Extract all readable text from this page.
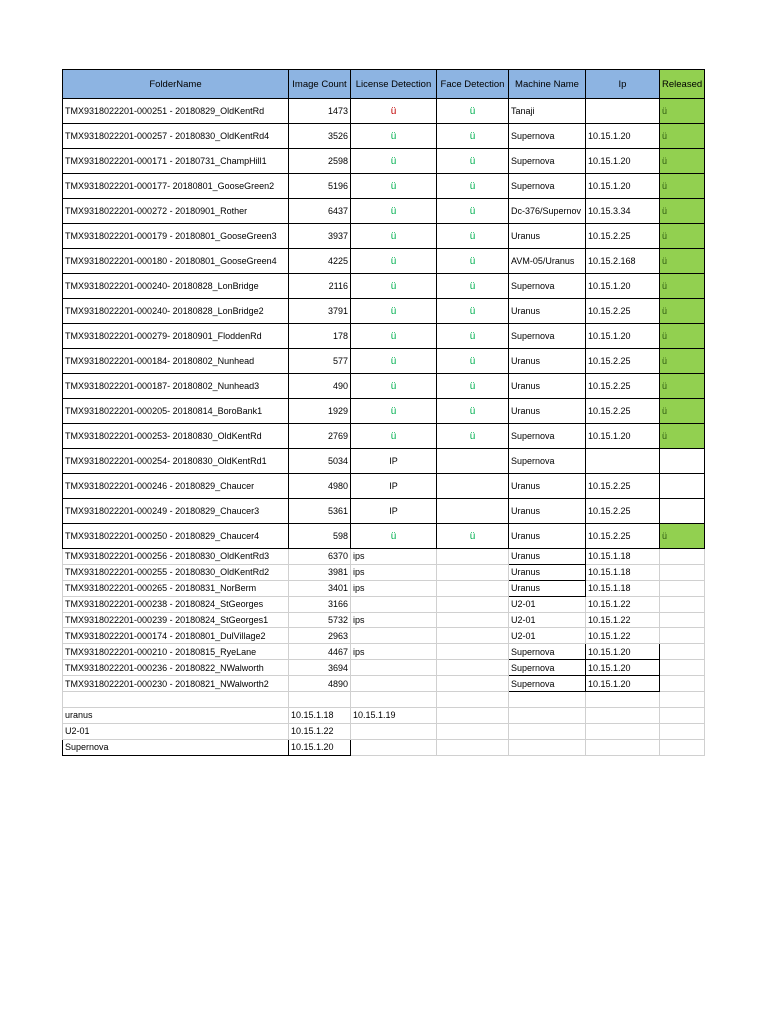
FolderName	Image Count	License Detection	Face Detection	Machine Name	Ip	Released
TMX9318022201-000251 - 20180829_OldKentRd	1473	ü	ü	Tanaji		ü
TMX9318022201-000257 - 20180830_OldKentRd4	3526	ü	ü	Supernova	10.15.1.20	ü
TMX9318022201-000171 - 20180731_ChampHill1	2598	ü	ü	Supernova	10.15.1.20	ü
TMX9318022201-000177- 20180801_GooseGreen2	5196	ü	ü	Supernova	10.15.1.20	ü
TMX9318022201-000272 - 20180901_Rother	6437	ü	ü	Dc-376/Supernov	10.15.3.34	ü
TMX9318022201-000179 - 20180801_GooseGreen3	3937	ü	ü	Uranus	10.15.2.25	ü
TMX9318022201-000180 - 20180801_GooseGreen4	4225	ü	ü	AVM-05/Uranus	10.15.2.168	ü
TMX9318022201-000240- 20180828_LonBridge	2116	ü	ü	Supernova	10.15.1.20	ü
TMX9318022201-000240- 20180828_LonBridge2	3791	ü	ü	Uranus	10.15.2.25	ü
TMX9318022201-000279- 20180901_FloddenRd	178	ü	ü	Supernova	10.15.1.20	ü
TMX9318022201-000184- 20180802_Nunhead	577	ü	ü	Uranus	10.15.2.25	ü
TMX9318022201-000187- 20180802_Nunhead3	490	ü	ü	Uranus	10.15.2.25	ü
TMX9318022201-000205- 20180814_BoroBank1	1929	ü	ü	Uranus	10.15.2.25	ü
TMX9318022201-000253- 20180830_OldKentRd	2769	ü	ü	Supernova	10.15.1.20	ü
TMX9318022201-000254- 20180830_OldKentRd1	5034	IP		Supernova		
TMX9318022201-000246 - 20180829_Chaucer	4980	IP		Uranus	10.15.2.25	
TMX9318022201-000249 - 20180829_Chaucer3	5361	IP		Uranus	10.15.2.25	
TMX9318022201-000250 - 20180829_Chaucer4	598	ü	ü	Uranus	10.15.2.25	ü
TMX9318022201-000256 - 20180830_OldKentRd3	6370	ips		Uranus	10.15.1.18	
TMX9318022201-000255 - 20180830_OldKentRd2	3981	ips		Uranus	10.15.1.18	
TMX9318022201-000265 - 20180831_NorBerm	3401	ips		Uranus	10.15.1.18	
TMX9318022201-000238 - 20180824_StGeorges	3166			U2-01	10.15.1.22	
TMX9318022201-000239 - 20180824_StGeorges1	5732	ips		U2-01	10.15.1.22	
TMX9318022201-000174 - 20180801_DulVillage2	2963			U2-01	10.15.1.22	
TMX9318022201-000210 - 20180815_RyeLane	4467	ips		Supernova	10.15.1.20	
TMX9318022201-000236 - 20180822_NWalworth	3694			Supernova	10.15.1.20	
TMX9318022201-000230 - 20180821_NWalworth2	4890			Supernova	10.15.1.20	

uranus	10.15.1.18	10.15.1.19				
U2-01	10.15.1.22					
Supernova	10.15.1.20					
